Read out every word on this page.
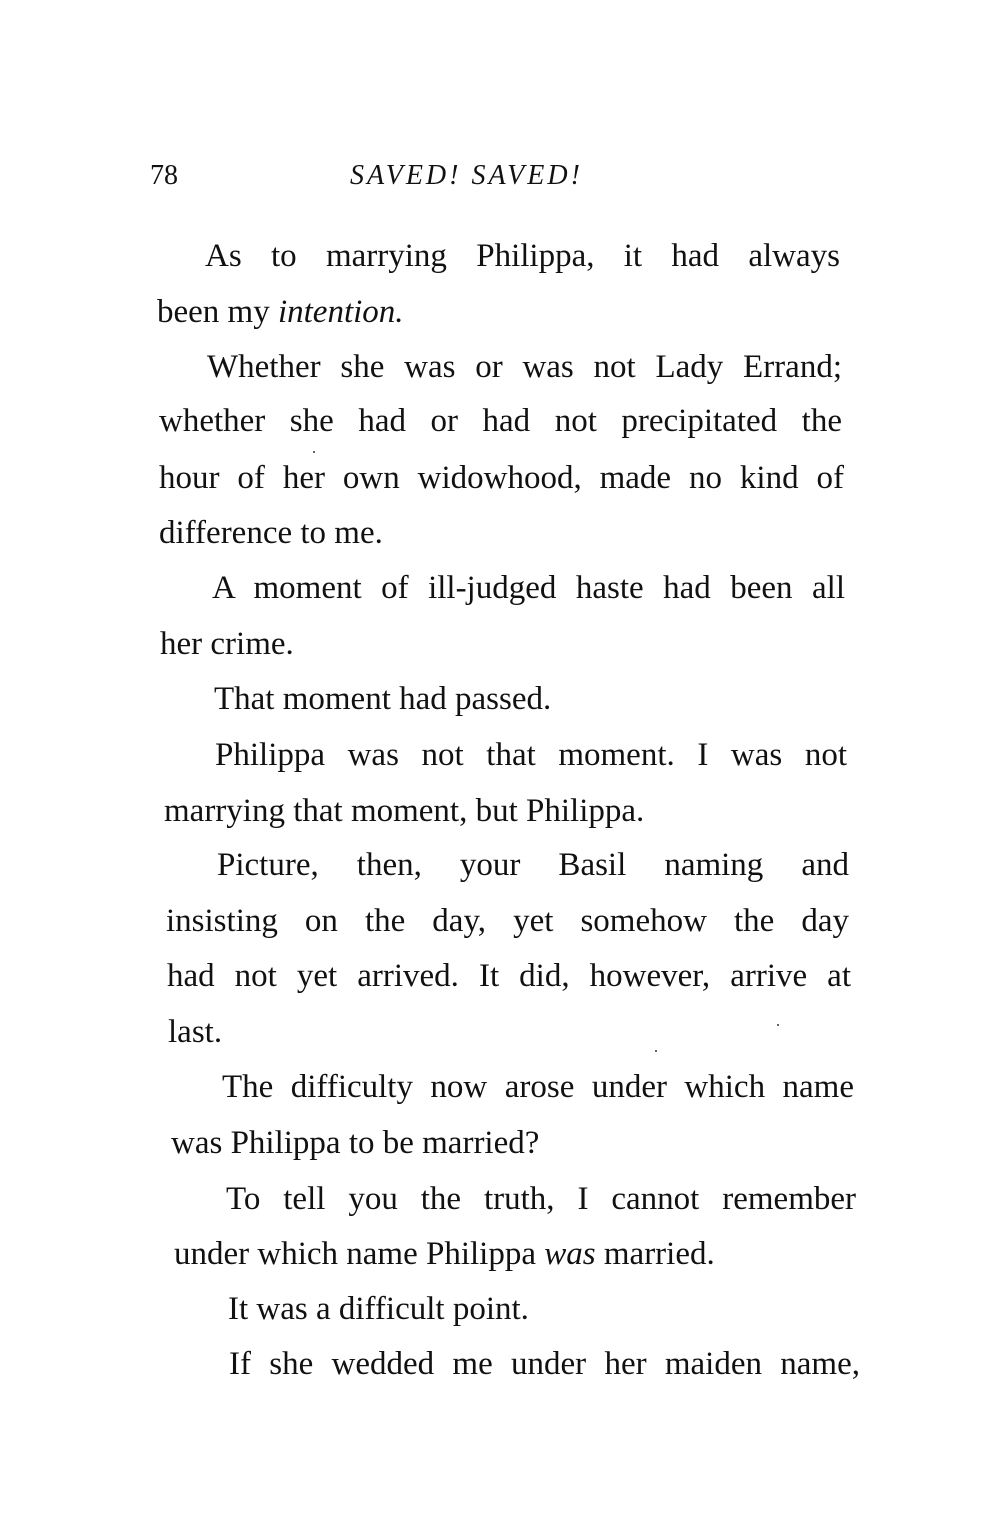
78	SAVED! SAVED!
As to marrying Philippa, it had always
been my intention.
Whether she was or was not Lady Errand;
whether she had or had not precipitated the
hour of her own widowhood, made no kind of
difference to me.
A moment of ill-judged haste had been all
her crime.
That moment had passed.
Philippa was not that moment. I was not
marrying that moment, but Philippa.
Picture, then, your Basil naming and
insisting on the day, yet somehow the day
had not yet arrived. It did, however, arrive at
last.
The difficulty now arose under which name
was Philippa to be married?
To tell you the truth, I cannot remember
under which name Philippa was married.
It was a difficult point.
If she wedded me under her maiden name,
